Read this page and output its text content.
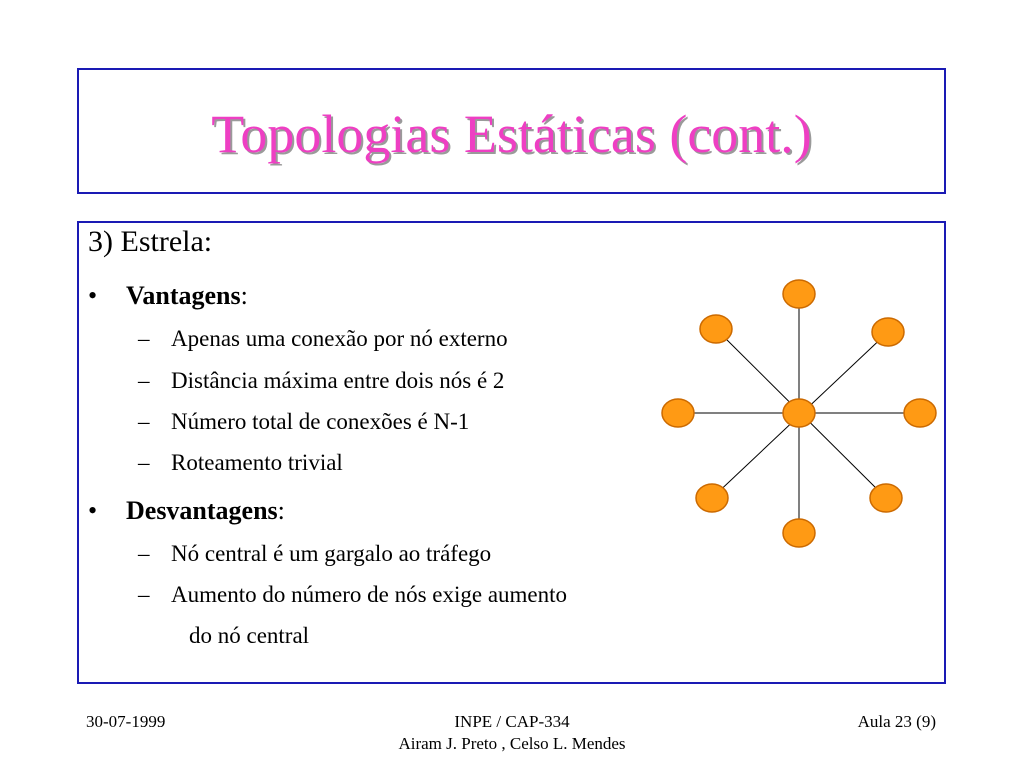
Topologias Estáticas (cont.)
3) Estrela:
• Vantagens:
– Apenas uma conexão por nó externo
– Distância máxima entre dois nós é 2
– Número total de conexões é N-1
– Roteamento trivial
• Desvantagens:
– Nó central é um gargalo ao tráfego
– Aumento do número de nós exige aumento
do nó central
30-07-1999	INPE / CAP-334
Airam J. Preto , Celso L. Mendes
Aula 23 (9)
